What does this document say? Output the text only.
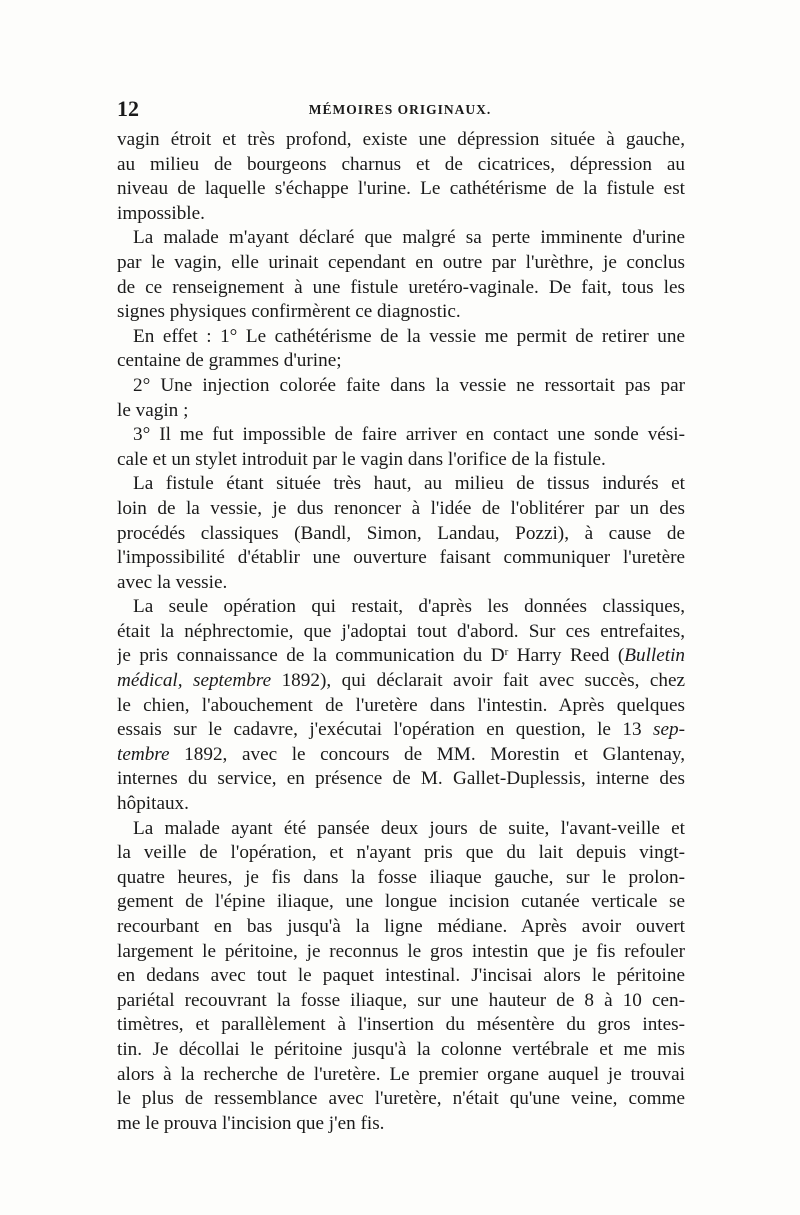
12	MÉMOIRES ORIGINAUX.
vagin étroit et très profond, existe une dépression située à gauche,
au milieu de bourgeons charnus et de cicatrices, dépression au
niveau de laquelle s'échappe l'urine. Le cathétérisme de la fistule est
impossible.
La malade m'ayant déclaré que malgré sa perte imminente d'urine
par le vagin, elle urinait cependant en outre par l'urèthre, je conclus
de ce renseignement à une fistule uretéro-vaginale. De fait, tous les
signes physiques confirmèrent ce diagnostic.
En effet : 1° Le cathétérisme de la vessie me permit de retirer une
centaine de grammes d'urine;
2° Une injection colorée faite dans la vessie ne ressortait pas par
le vagin ;
3° Il me fut impossible de faire arriver en contact une sonde vési-
cale et un stylet introduit par le vagin dans l'orifice de la fistule.
La fistule étant située très haut, au milieu de tissus indurés et
loin de la vessie, je dus renoncer à l'idée de l'oblitérer par un des
procédés classiques (Bandl, Simon, Landau, Pozzi), à cause de
l'impossibilité d'établir une ouverture faisant communiquer l'uretère
avec la vessie.
La seule opération qui restait, d'après les données classiques,
était la néphrectomie, que j'adoptai tout d'abord. Sur ces entrefaites,
je pris connaissance de la communication du $D^r$ Harry Reed (Bulletin
médical, septembre 1892), qui déclarait avoir fait avec succès, chez
le chien, l'abouchement de l'uretère dans l'intestin. Après quelques
essais sur le cadavre, j'exécutai l'opération en question, le 13 sep-
tembre 1892, avec le concours de MM. Morestin et Glantenay,
internes du service, en présence de M. Gallet-Duplessis, interne des
hôpitaux.
La malade ayant été pansée deux jours de suite, l'avant-veille et
la veille de l'opération, et n'ayant pris que du lait depuis vingt-
quatre heures, je fis dans la fosse iliaque gauche, sur le prolon-
gement de l'épine iliaque, une longue incision cutanée verticale se
recourbant en bas jusqu'à la ligne médiane. Après avoir ouvert
largement le péritoine, je reconnus le gros intestin que je fis refouler
en dedans avec tout le paquet intestinal. J'incisai alors le péritoine
pariétal recouvrant la fosse iliaque, sur une hauteur de 8 à 10 cen-
timètres, et parallèlement à l'insertion du mésentère du gros intes-
tin. Je décollai le péritoine jusqu'à la colonne vertébrale et me mis
alors à la recherche de l'uretère. Le premier organe auquel je trouvai
le plus de ressemblance avec l'uretère, n'était qu'une veine, comme
me le prouva l'incision que j'en fis.
